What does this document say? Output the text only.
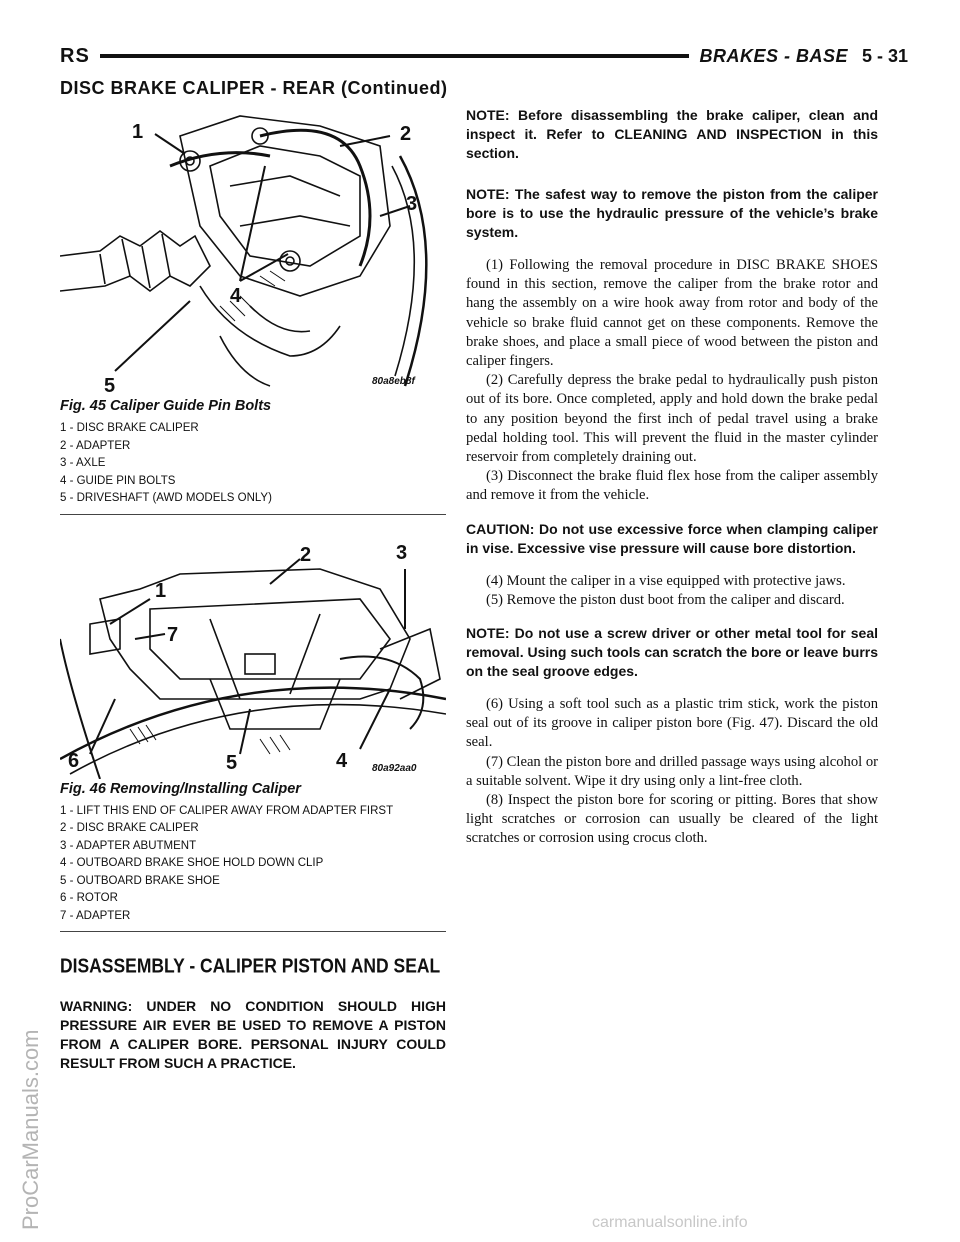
RS	BRAKES - BASE 5 - 31
DISC BRAKE CALIPER - REAR (Continued)
1	2
3
4
5	80a8eb8f
Fig. 45 Caliper Guide Pin Bolts
1 - DISC BRAKE CALIPER
2 - ADAPTER
3 - AXLE
4 - GUIDE PIN BOLTS
5 - DRIVESHAFT (AWD MODELS ONLY)
1
2	3
4
5
6
7
80a92aa0
Fig. 46 Removing/Installing Caliper
1 - LIFT THIS END OF CALIPER AWAY FROM ADAPTER FIRST
2 - DISC BRAKE CALIPER
3 - ADAPTER ABUTMENT
4 - OUTBOARD BRAKE SHOE HOLD DOWN CLIP
5 - OUTBOARD BRAKE SHOE
6 - ROTOR
7 - ADAPTER
DISASSEMBLY - CALIPER PISTON AND SEAL

WARNING: UNDER NO CONDITION SHOULD HIGH PRESSURE AIR EVER BE USED TO REMOVE A PISTON FROM A CALIPER BORE. PERSONAL INJURY COULD RESULT FROM SUCH A PRACTICE.

NOTE: Before disassembling the brake caliper, clean and inspect it. Refer to CLEANING AND INSPECTION in this section.

NOTE: The safest way to remove the piston from the caliper bore is to use the hydraulic pressure of the vehicle’s brake system.

(1) Following the removal procedure in DISC BRAKE SHOES found in this section, remove the caliper from the brake rotor and hang the assembly on a wire hook away from rotor and body of the vehicle so brake fluid cannot get on these components. Remove the brake shoes, and place a small piece of wood between the piston and caliper fingers.

(2) Carefully depress the brake pedal to hydraulically push piston out of its bore. Once completed, apply and hold down the brake pedal to any position beyond the first inch of pedal travel using a brake pedal holding tool. This will prevent the fluid in the master cylinder reservoir from completely draining out.

(3) Disconnect the brake fluid flex hose from the caliper assembly and remove it from the vehicle.

CAUTION: Do not use excessive force when clamping caliper in vise. Excessive vise pressure will cause bore distortion.

(4) Mount the caliper in a vise equipped with protective jaws.

(5) Remove the piston dust boot from the caliper and discard.

NOTE: Do not use a screw driver or other metal tool for seal removal. Using such tools can scratch the bore or leave burrs on the seal groove edges.

(6) Using a soft tool such as a plastic trim stick, work the piston seal out of its groove in caliper piston bore (Fig. 47). Discard the old seal.

(7) Clean the piston bore and drilled passage ways using alcohol or a suitable solvent. Wipe it dry using only a lint-free cloth.

(8) Inspect the piston bore for scoring or pitting. Bores that show light scratches or corrosion can usually be cleared of the light scratches or corrosion using crocus cloth.

ProCarManuals.com	carmanualsonline.info
